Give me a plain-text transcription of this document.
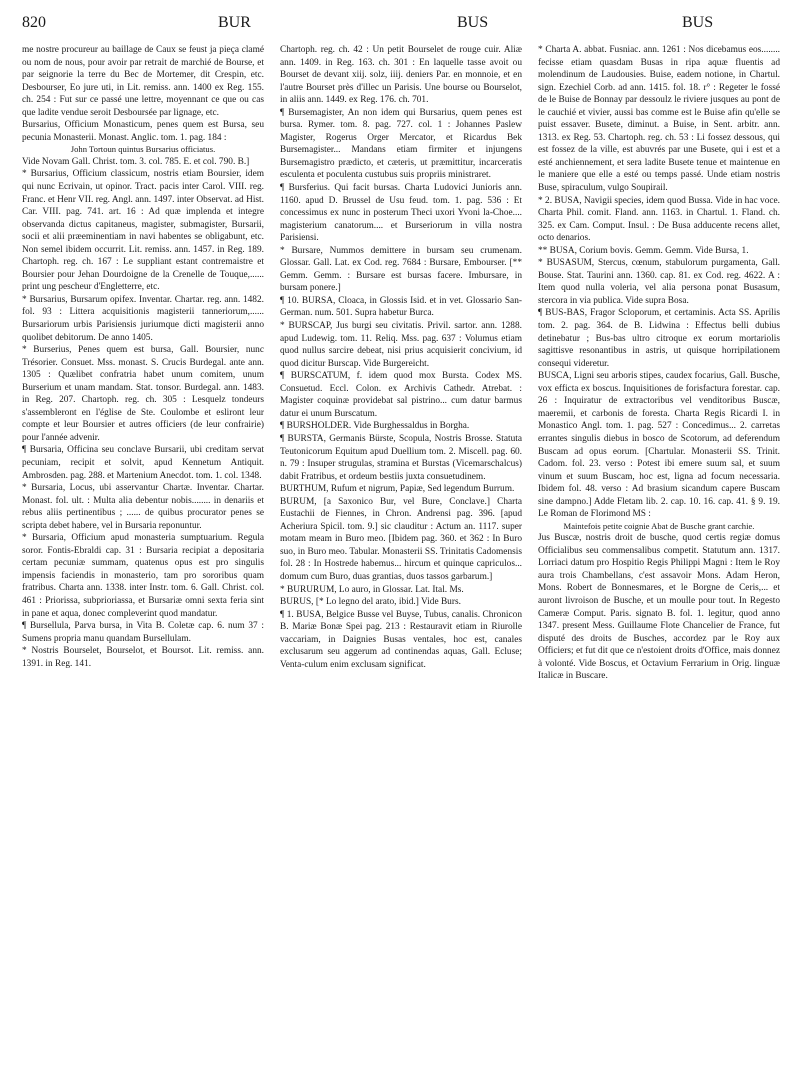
820	BUR	BUS	BUS

me nostre procureur au baillage de Caux se feust ja pieça clamé ou nom de nous, pour avoir par retrait de marchié de Bourse, et par seignorie la terre du Bec de Mortemer, dit Crespin, etc. Desbourser, Eo jure uti, in Lit. remiss. ann. 1400 ex Reg. 155. ch. 254 : Fut sur ce passé une lettre, moyennant ce que ou cas que ladite vendue seroit Desboursée par lignage, etc.

Bursarius, Officium Monasticum, penes quem est Bursa, seu pecunia Monasterii. Monast. Anglic. tom. 1. pag. 184 :

John Tortoun quintus Bursarius officiatus.

Vide Novam Gall. Christ. tom. 3. col. 785. E. et col. 790. B.]

* Bursarius, Officium classicum, nostris etiam Boursier, idem qui nunc Ecrivain, ut opinor. Tract. pacis inter Carol. VIII. reg. Franc. et Henr VII. reg. Angl. ann. 1497. inter Observat. ad Hist. Car. VIII. pag. 741. art. 16 : Ad quæ implenda et integre observanda dictus capitaneus, magister, submagister, Bursarii, socii et alii præeminentiam in navi habentes se obligabunt, etc. Non semel ibidem occurrit. Lit. remiss. ann. 1457. in Reg. 189. Chartoph. reg. ch. 167 : Le suppliant estant contremaistre et Boursier pour Jehan Dourdoigne de la Crenelle de Touque,...... print ung pescheur d'Engletterre, etc.

* Bursarius, Bursarum opifex. Inventar. Chartar. reg. ann. 1482. fol. 93 : Littera acquisitionis magisterii tanneriorum,...... Bursariorum urbis Parisiensis juriumque dicti magisterii anno quolibet debitorum. De anno 1405.

* Burserius, Penes quem est bursa, Gall. Boursier, nunc Trésorier. Consuet. Mss. monast. S. Crucis Burdegal. ante ann. 1305 : Quælibet confratria habet unum comitem, unum Burserium et unam mandam. Stat. tonsor. Burdegal. ann. 1483. in Reg. 207. Chartoph. reg. ch. 305 : Lesquelz tondeurs s'assembleront en l'église de Ste. Coulombe et esliront leur compte et leur Boursier et autres officiers (de leur confrairie) pour l'année advenir.

¶ Bursaria, Officina seu conclave Bursarii, ubi creditam servat pecuniam, recipit et solvit, apud Kennetum Antiquit. Ambrosden. pag. 288. et Martenium Anecdot. tom. 1. col. 1348.

* Bursaria, Locus, ubi asservantur Chartæ. Inventar. Chartar. Monast. fol. ult. : Multa alia debentur nobis........ in denariis et rebus aliis pertinentibus ; ...... de quibus procurator penes se scripta debet habere, vel in Bursaria reponuntur.

* Bursaria, Officium apud monasteria sumptuarium. Regula soror. Fontis-Ebraldi cap. 31 : Bursaria recipiat a depositaria certam pecuniæ summam, quatenus opus est pro singulis impensis faciendis in monasterio, tam pro sororibus quam fratribus. Charta ann. 1338. inter Instr. tom. 6. Gall. Christ. col. 461 : Priorissa, subprioriassa, et Bursariæ omni sexta feria sint in pane et aqua, donec compleverint quod mandatur.

¶ Bursellula, Parva bursa, in Vita B. Coletæ cap. 6. num 37 : Sumens propria manu quandam Bursellulam.

* Nostris Bourselet, Bourselot, et Boursot. Lit. remiss. ann. 1391. in Reg. 141.

Chartoph. reg. ch. 42 : Un petit Bourselet de rouge cuir. Aliæ ann. 1409. in Reg. 163. ch. 301 : En laquelle tasse avoit ou Bourset de devant xiij. solz, iiij. deniers Par. en monnoie, et en l'autre Bourset près d'illec un Parisis. Une bourse ou Bourselot, in aliis ann. 1449. ex Reg. 176. ch. 701.

¶ Bursemagister, An non idem qui Bursarius, quem penes est bursa. Rymer. tom. 8. pag. 727. col. 1 : Johannes Paslew Magister, Rogerus Orger Mercator, et Ricardus Bek Bursemagister... Mandans etiam firmiter et injungens Bursemagistro prædicto, et cæteris, ut præmittitur, incarceratis esculenta et poculenta custubus suis propriis ministraret.

¶ Bursferius. Qui facit bursas. Charta Ludovici Junioris ann. 1160. apud D. Brussel de Usu feud. tom. 1. pag. 536 : Et concessimus ex nunc in posterum Theci uxori Yvoni la-Choe.... magisterium canatorum.... et Burseriorum in villa nostra Parisiensi.

* Bursare, Nummos demittere in bursam seu crumenam. Glossar. Gall. Lat. ex Cod. reg. 7684 : Bursare, Embourser. [** Gemm. Gemm. : Bursare est bursas facere. Imbursare, in bursam ponere.]

¶ 10. BURSA, Cloaca, in Glossis Isid. et in vet. Glossario San-German. num. 501. Supra habetur Burca.

* BURSCAP, Jus burgi seu civitatis. Privil. sartor. ann. 1288. apud Ludewig. tom. 11. Reliq. Mss. pag. 637 : Volumus etiam quod nullus sarcire debeat, nisi prius acquisierit concivium, id quod dicitur Burscap. Vide Burgereicht.

¶ BURSCATUM, f. idem quod mox Bursta. Codex MS. Consuetud. Eccl. Colon. ex Archivis Cathedr. Atrebat. : Magister coquinæ providebat sal pistrino... cum datur barmus datur ei unum Burscatum.

¶ BURSHOLDER. Vide Burghessaldus in Borgha.

¶ BURSTA, Germanis Bürste, Scopula, Nostris Brosse. Statuta Teutonicorum Equitum apud Duellium tom. 2. Miscell. pag. 60. n. 79 : Insuper strugulas, stramina et Burstas (Vicemarschalcus) dabit Fratribus, et ordeum bestiis juxta consuetudinem.

BURTHUM, Rufum et nigrum, Papiæ, Sed legendum Burrum.

BURUM, [a Saxonico Bur, vel Bure, Conclave.] Charta Eustachii de Fiennes, in Chron. Andrensi pag. 396. [apud Acheriura Spicil. tom. 9.] sic clauditur : Actum an. 1117. super motam meam in Buro meo. [Ibidem pag. 360. et 362 : In Buro suo, in Buro meo. Tabular. Monasterii SS. Trinitatis Cadomensis fol. 28 : In Hostrede habemus... hircum et quinque capriculos... domum cum Buro, duas grantias, duos tassos garbarum.]

* BURURUM, Lo auro, in Glossar. Lat. Ital. Ms.

BURUS, [* Lo legno del arato, ibid.] Vide Burs.

¶ 1. BUSA, Belgice Busse vel Buyse, Tubus, canalis. Chronicon B. Mariæ Bonæ Spei pag. 213 : Restauravit etiam in Riurolle vaccariam, in Daignies Busas ventales, hoc est, canales exclusarum seu aggerum ad continendas aquas, Gall. Ecluse; Venta-culum enim exclusam significat.

* Charta A. abbat. Fusniac. ann. 1261 : Nos dicebamus eos........ fecisse etiam quasdam Busas in ripa aquæ fluentis ad molendinum de Laudousies. Buise, eadem notione, in Chartul. sign. Ezechiel Corb. ad ann. 1415. fol. 18. r° : Regeter le fossé de le Buise de Bonnay par dessoulz le riviere jusques au pont de le cauchié et vivier, aussi bas comme est le Buise afin qu'elle se puist essaver. Busete, diminut. a Buise, in Sent. arbitr. ann. 1313. ex Reg. 53. Chartoph. reg. ch. 53 : Li fossez dessous, qui est fossez de la ville, est abuvrés par une Busete, qui i est et a esté anchiennement, et sera ladite Busete tenue et maintenue en le maniere que elle a esté ou temps passé. Unde etiam nostris Buse, spiraculum, vulgo Soupirail.

* 2. BUSA, Navigii species, idem quod Bussa. Vide in hac voce. Charta Phil. comit. Fland. ann. 1163. in Chartul. 1. Fland. ch. 325. ex Cam. Comput. Insul. : De Busa adducente recens allet, octo denarios.

** BUSA, Corium bovis. Gemm. Gemm. Vide Bursa, 1.

* BUSASUM, Stercus, cœnum, stabulorum purgamenta, Gall. Bouse. Stat. Taurini ann. 1360. cap. 81. ex Cod. reg. 4622. A : Item quod nulla voleria, vel alia persona ponat Busasum, stercora in via publica. Vide supra Bosa.

¶ BUS-BAS, Fragor Scloporum, et certaminis. Acta SS. Aprilis tom. 2. pag. 364. de B. Lidwina : Effectus belli dubius detinebatur ; Bus-bas ultro citroque ex eorum mortariolis sagittisve resonantibus in astris, ut quisque horripilationem consequi videretur.

BUSCA, Ligni seu arboris stipes, caudex focarius, Gall. Busche, vox efficta ex boscus. Inquisitiones de forisfactura forestar. cap. 26 : Inquiratur de extractoribus vel venditoribus Buscæ, maeremii, et carbonis de foresta. Charta Regis Ricardi I. in Monastico Angl. tom. 1. pag. 527 : Concedimus... 2. carretas errantes singulis diebus in bosco de Scotorum, ad deferendum Buscam ad opus eorum. [Chartular. Monasterii SS. Trinit. Cadom. fol. 23. verso : Potest ibi emere suum sal, et suum vinum et suum Buscam, hoc est, ligna ad focum necessaria. Ibidem fol. 48. verso : Ad brasium sicandum capere Buscam sine dampno.] Adde Fletam lib. 2. cap. 10. 16. cap. 41. § 9. 19. Le Roman de Florimond MS :

Maintefois petite coignie Abat de Busche grant carchie.

Jus Buscæ, nostris droit de busche, quod certis regiæ domus Officialibus seu commensalibus competit. Statutum ann. 1317. Lorriaci datum pro Hospitio Regis Philippi Magni : Item le Roy aura trois Chambellans, c'est assavoir Mons. Adam Heron, Mons. Robert de Bonnesmares, et le Borgne de Ceris,... et auront livroison de Busche, et un moulle pour tout. In Regesto Cameræ Comput. Paris. signato B. fol. 1. legitur, quod anno 1347. present Mess. Guillaume Flote Chancelier de France, fut disputé des droits de Busches, accordez par le Roy aux Officiers; et fut dit que ce n'estoient droits d'Office, mais donnez à volonté. Vide Boscus, et Octavium Ferrarium in Orig. linguæ Italicæ in Buscare.
